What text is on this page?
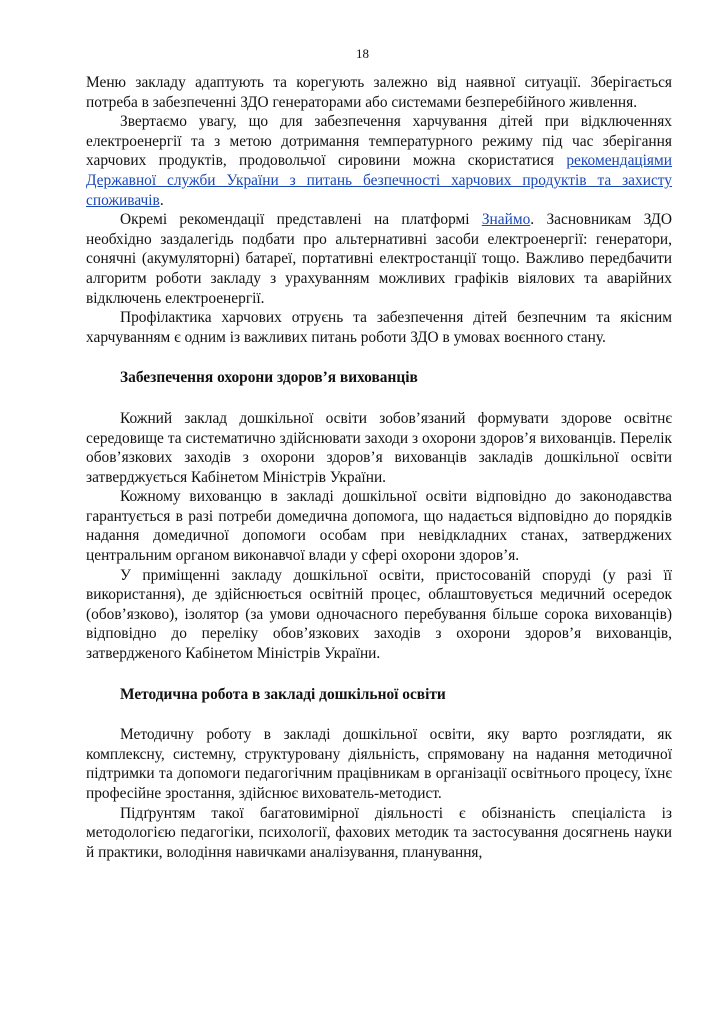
18

Меню закладу адаптують та корегують залежно від наявної ситуації. Зберігається потреба в забезпеченні ЗДО генераторами або системами безперебійного живлення.

Звертаємо увагу, що для забезпечення харчування дітей при відключеннях електроенергії та з метою дотримання температурного режиму під час зберігання харчових продуктів, продовольчої сировини можна скористатися рекомендаціями Державної служби України з питань безпечності харчових продуктів та захисту споживачів.

Окремі рекомендації представлені на платформі Знаймо. Засновникам ЗДО необхідно заздалегідь подбати про альтернативні засоби електроенергії: генератори, сонячні (акумуляторні) батареї, портативні електростанції тощо. Важливо передбачити алгоритм роботи закладу з урахуванням можливих графіків віялових та аварійних відключень електроенергії.

Профілактика харчових отруєнь та забезпечення дітей безпечним та якісним харчуванням є одним із важливих питань роботи ЗДО в умовах воєнного стану.

Забезпечення охорони здоров’я вихованців

Кожний заклад дошкільної освіти зобов’язаний формувати здорове освітнє середовище та систематично здійснювати заходи з охорони здоров’я вихованців. Перелік обов’язкових заходів з охорони здоров’я вихованців закладів дошкільної освіти затверджується Кабінетом Міністрів України.

Кожному вихованцю в закладі дошкільної освіти відповідно до законодавства гарантується в разі потреби домедична допомога, що надається відповідно до порядків надання домедичної допомоги особам при невідкладних станах, затверджених центральним органом виконавчої влади у сфері охорони здоров’я.

У приміщенні закладу дошкільної освіти, пристосованій споруді (у разі її використання), де здійснюється освітній процес, облаштовується медичний осередок (обов’язково), ізолятор (за умови одночасного перебування більше сорока вихованців) відповідно до переліку обов’язкових заходів з охорони здоров’я вихованців, затвердженого Кабінетом Міністрів України.

Методична робота в закладі дошкільної освіти

Методичну роботу в закладі дошкільної освіти, яку варто розглядати, як комплексну, системну, структуровану діяльність, спрямовану на надання методичної підтримки та допомоги педагогічним працівникам в організації освітнього процесу, їхнє професійне зростання, здійснює вихователь-методист.

Підґрунтям такої багатовимірної діяльності є обізнаність спеціаліста із методологією педагогіки, психології, фахових методик та застосування досягнень науки й практики, володіння навичками аналізування, планування,
